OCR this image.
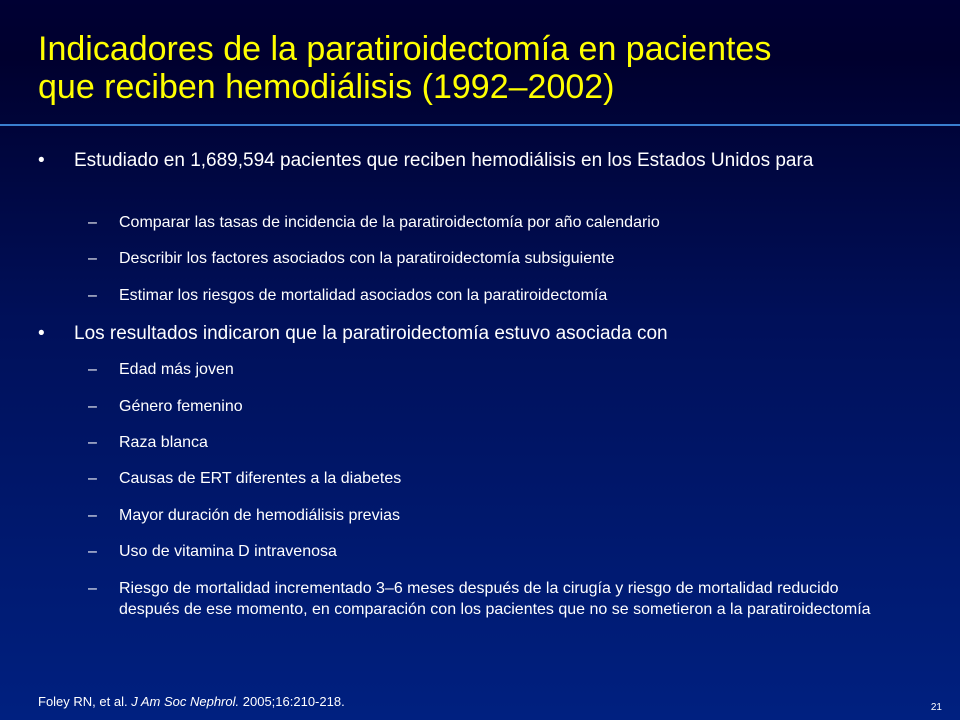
Indicadores de la paratiroidectomía en pacientes
que reciben hemodiálisis (1992–2002)
• Estudiado en 1,689,594 pacientes que reciben hemodiálisis en los Estados Unidos para
– Comparar las tasas de incidencia de la paratiroidectomía por año calendario
– Describir los factores asociados con la paratiroidectomía subsiguiente
– Estimar los riesgos de mortalidad asociados con la paratiroidectomía
• Los resultados indicaron que la paratiroidectomía estuvo asociada con
– Edad más joven
– Género femenino
– Raza blanca
– Causas de ERT diferentes a la diabetes
– Mayor duración de hemodiálisis previas
– Uso de vitamina D intravenosa
– Riesgo de mortalidad incrementado 3–6 meses después de la cirugía y riesgo de mortalidad reducido después de ese momento, en comparación con los pacientes que no se sometieron a la paratiroidectomía
Foley RN, et al. J Am Soc Nephrol. 2005;16:210-218.	21
